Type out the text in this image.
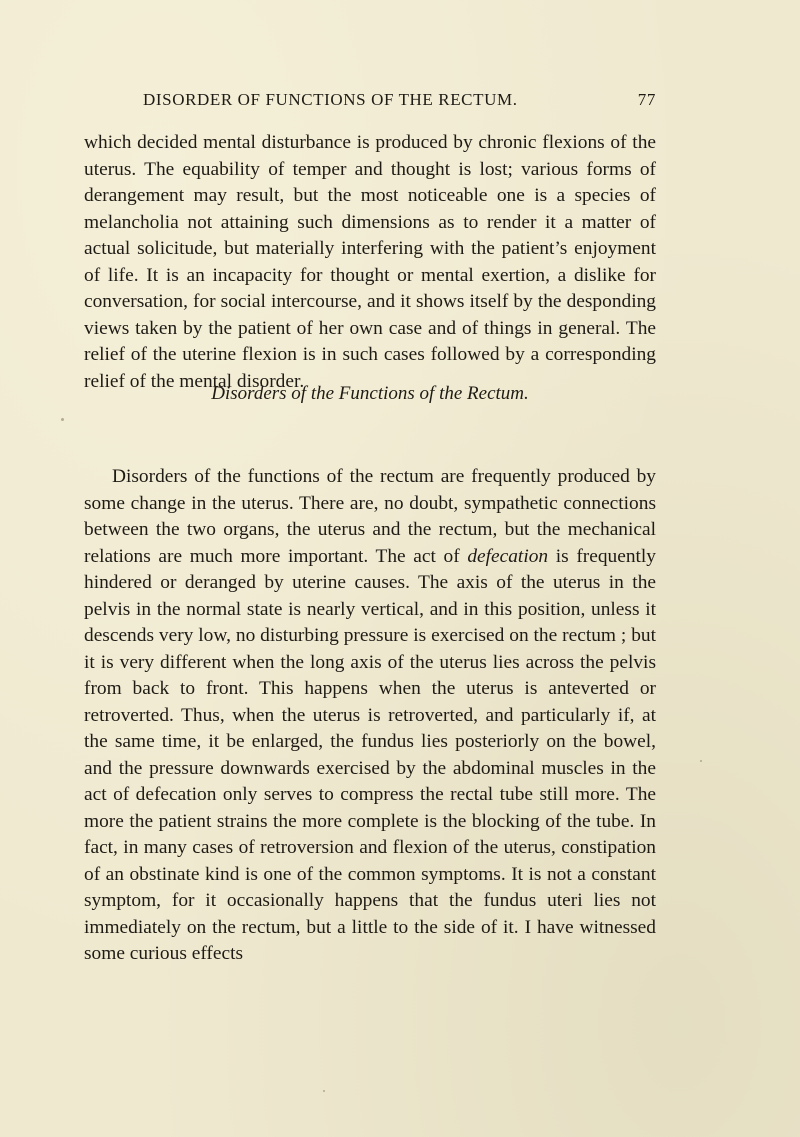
DISORDER OF FUNCTIONS OF THE RECTUM.	77

which decided mental disturbance is produced by chronic flexions of the uterus. The equability of temper and thought is lost; various forms of derangement may result, but the most noticeable one is a species of melancholia not attaining such dimensions as to render it a matter of actual solicitude, but materially interfering with the patient’s enjoyment of life. It is an incapacity for thought or mental exertion, a dislike for conversation, for social intercourse, and it shows itself by the desponding views taken by the patient of her own case and of things in general. The relief of the uterine flexion is in such cases followed by a corresponding relief of the mental disorder.

Disorders of the Functions of the Rectum.

Disorders of the functions of the rectum are frequently produced by some change in the uterus. There are, no doubt, sympathetic connections between the two organs, the uterus and the rectum, but the mechanical relations are much more important. The act of defecation is frequently hindered or deranged by uterine causes. The axis of the uterus in the pelvis in the normal state is nearly vertical, and in this position, unless it descends very low, no disturbing pressure is exercised on the rectum ; but it is very different when the long axis of the uterus lies across the pelvis from back to front. This happens when the uterus is anteverted or retroverted. Thus, when the uterus is retroverted, and particularly if, at the same time, it be enlarged, the fundus lies posteriorly on the bowel, and the pressure downwards exercised by the abdominal muscles in the act of defecation only serves to compress the rectal tube still more. The more the patient strains the more complete is the blocking of the tube. In fact, in many cases of retroversion and flexion of the uterus, constipation of an obstinate kind is one of the common symptoms. It is not a constant symptom, for it occasionally happens that the fundus uteri lies not immediately on the rectum, but a little to the side of it. I have witnessed some curious effects
